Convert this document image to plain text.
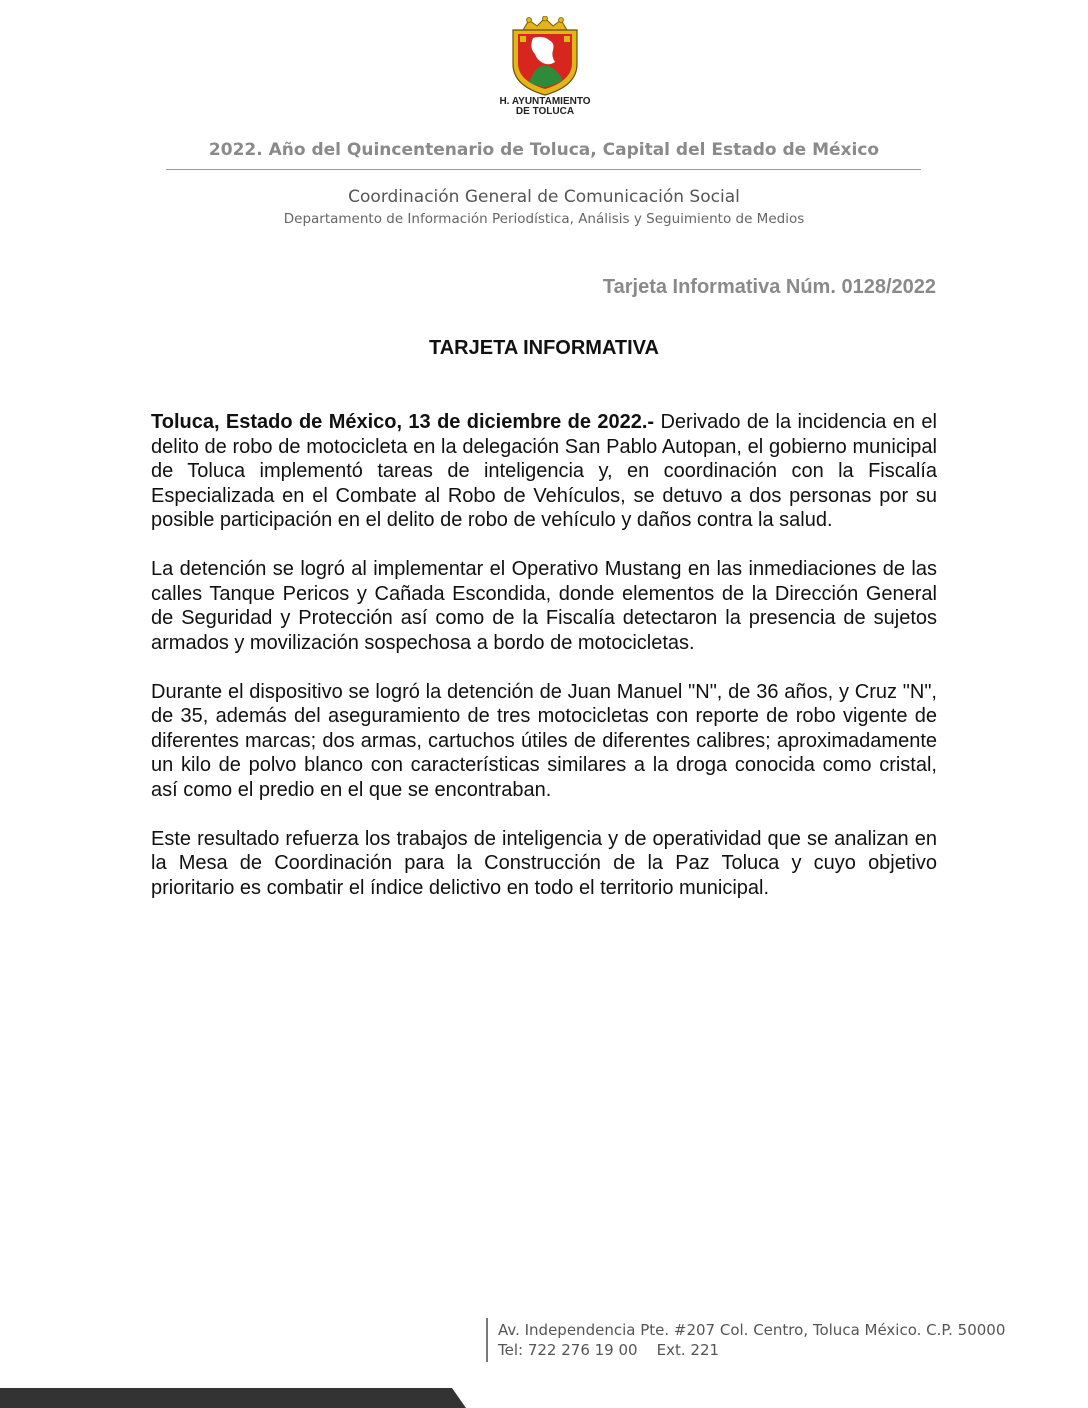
H. AYUNTAMIENTO
DE TOLUCA
2022. Año del Quincentenario de Toluca, Capital del Estado de México
Coordinación General de Comunicación Social
Departamento de Información Periodística, Análisis y Seguimiento de Medios
Tarjeta Informativa Núm. 0128/2022
TARJETA INFORMATIVA

Toluca, Estado de México, 13 de diciembre de 2022.- Derivado de la incidencia en el delito de robo de motocicleta en la delegación San Pablo Autopan, el gobierno municipal de Toluca implementó tareas de inteligencia y, en coordinación con la Fiscalía Especializada en el Combate al Robo de Vehículos, se detuvo a dos personas por su posible participación en el delito de robo de vehículo y daños contra la salud.

La detención se logró al implementar el Operativo Mustang en las inmediaciones de las calles Tanque Pericos y Cañada Escondida, donde elementos de la Dirección General de Seguridad y Protección así como de la Fiscalía detectaron la presencia de sujetos armados y movilización sospechosa a bordo de motocicletas.

Durante el dispositivo se logró la detención de Juan Manuel "N", de 36 años, y Cruz "N", de 35, además del aseguramiento de tres motocicletas con reporte de robo vigente de diferentes marcas; dos armas, cartuchos útiles de diferentes calibres; aproximadamente un kilo de polvo blanco con características similares a la droga conocida como cristal, así como el predio en el que se encontraban.

Este resultado refuerza los trabajos de inteligencia y de operatividad que se analizan en la Mesa de Coordinación para la Construcción de la Paz Toluca y cuyo objetivo prioritario es combatir el índice delictivo en todo el territorio municipal.

Av. Independencia Pte. #207 Col. Centro, Toluca México. C.P. 50000
Tel: 722 276 19 00    Ext. 221
